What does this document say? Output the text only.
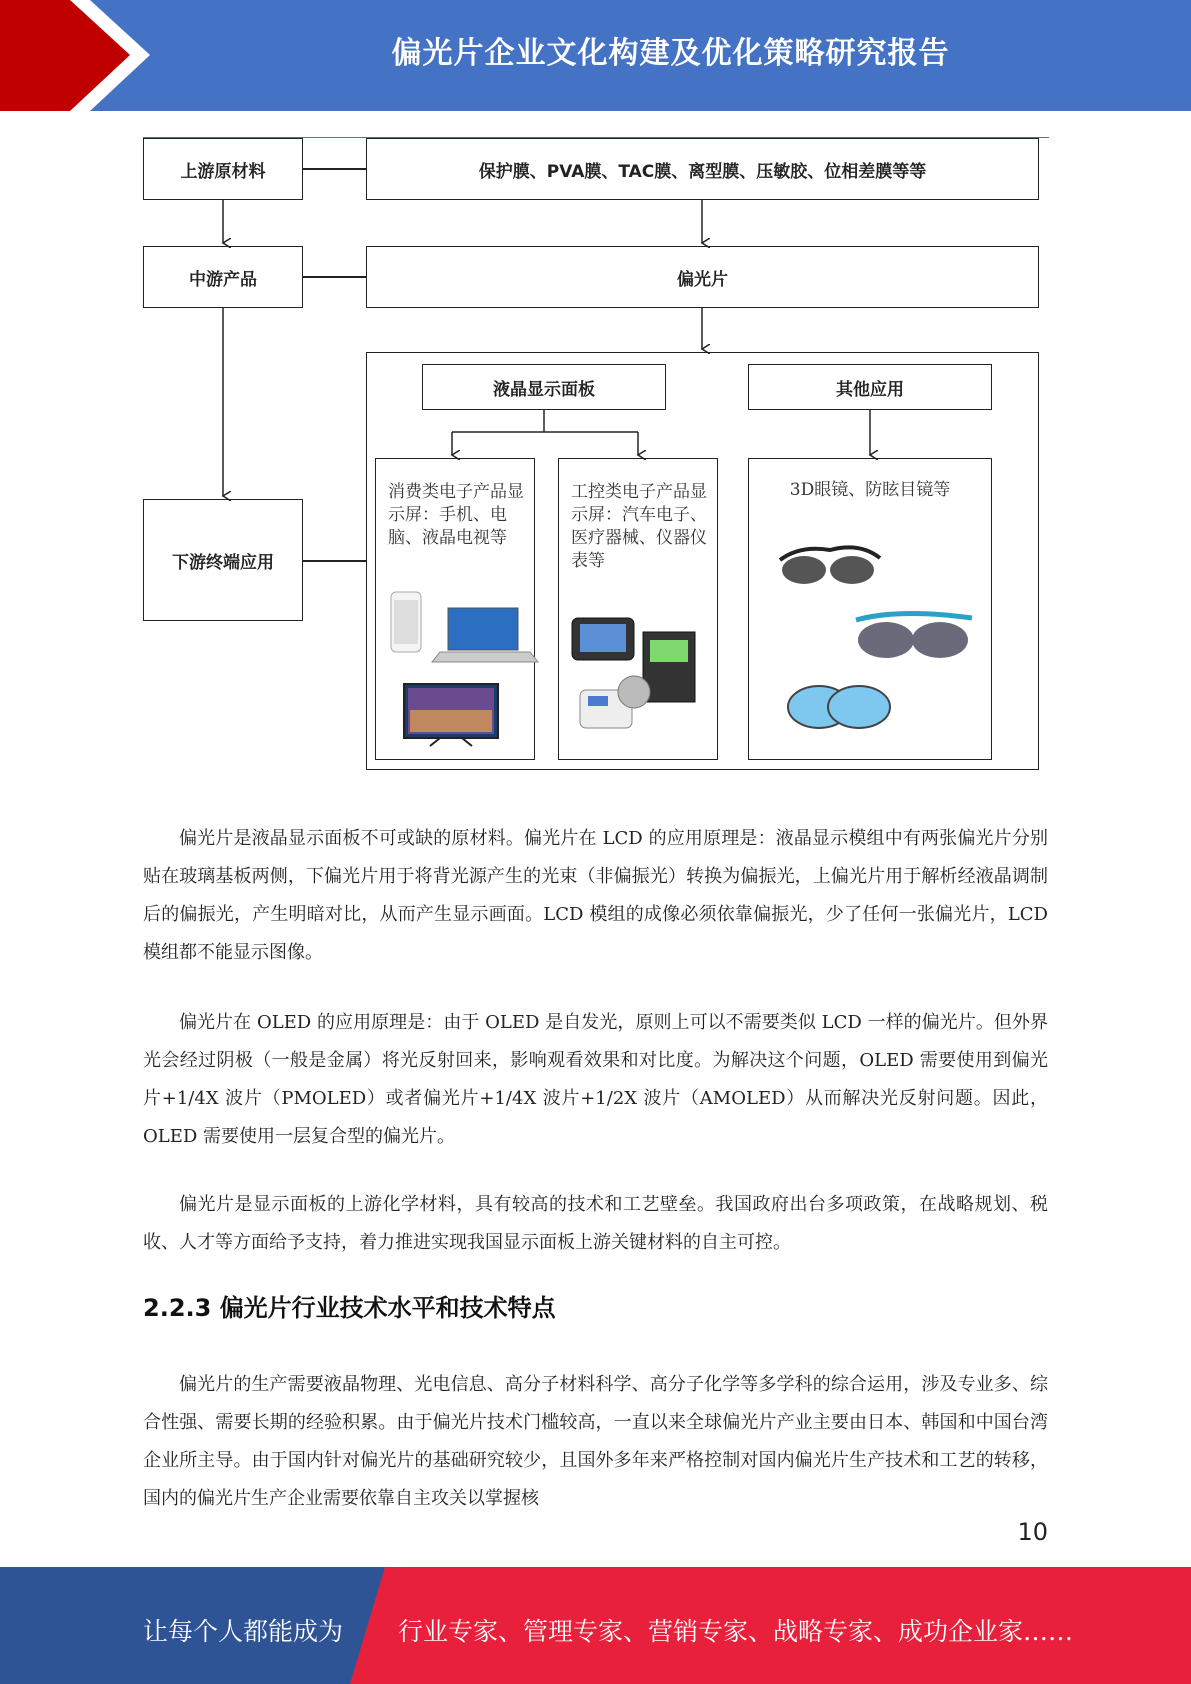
偏光片企业文化构建及优化策略研究报告
上游原材料	保护膜、PVA膜、TAC膜、离型膜、压敏胶、位相差膜等等
中游产品	偏光片
下游终端应用
液晶显示面板	其他应用
消费类电子产品显示屏：手机、电脑、液晶电视等
工控类电子产品显示屏：汽车电子、医疗器械、仪器仪表等
3D眼镜、防眩目镜等

偏光片是液晶显示面板不可或缺的原材料。偏光片在 LCD 的应用原理是：液晶显示模组中有两张偏光片分别贴在玻璃基板两侧，下偏光片用于将背光源产生的光束（非偏振光）转换为偏振光，上偏光片用于解析经液晶调制后的偏振光，产生明暗对比，从而产生显示画面。LCD 模组的成像必须依靠偏振光，少了任何一张偏光片，LCD 模组都不能显示图像。

偏光片在 OLED 的应用原理是：由于 OLED 是自发光，原则上可以不需要类似 LCD 一样的偏光片。但外界光会经过阴极（一般是金属）将光反射回来，影响观看效果和对比度。为解决这个问题，OLED 需要使用到偏光片+1/4X 波片（PMOLED）或者偏光片+1/4X 波片+1/2X 波片（AMOLED）从而解决光反射问题。因此，OLED 需要使用一层复合型的偏光片。

偏光片是显示面板的上游化学材料，具有较高的技术和工艺壁垒。我国政府出台多项政策，在战略规划、税收、人才等方面给予支持，着力推进实现我国显示面板上游关键材料的自主可控。

2.2.3 偏光片行业技术水平和技术特点

偏光片的生产需要液晶物理、光电信息、高分子材料科学、高分子化学等多学科的综合运用，涉及专业多、综合性强、需要长期的经验积累。由于偏光片技术门槛较高，一直以来全球偏光片产业主要由日本、韩国和中国台湾企业所主导。由于国内针对偏光片的基础研究较少，且国外多年来严格控制对国内偏光片生产技术和工艺的转移，国内的偏光片生产企业需要依靠自主攻关以掌握核

10
让每个人都能成为 行业专家、管理专家、营销专家、战略专家、成功企业家……
